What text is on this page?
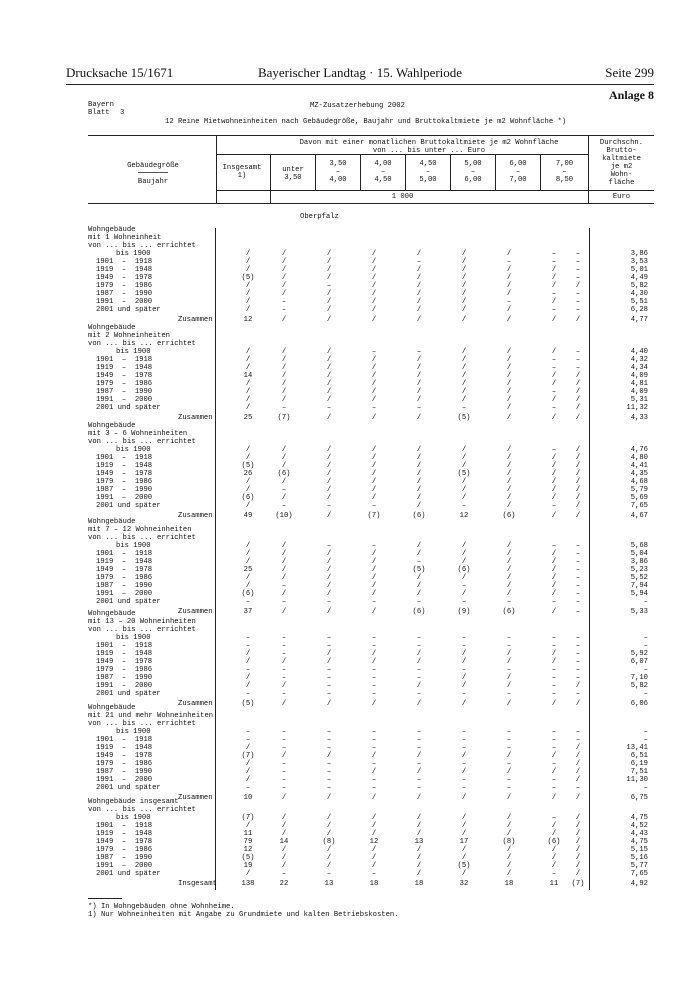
Drucksache 15/1671	Bayerischer Landtag · 15. Wahlperiode	Seite 299
Anlage 8
Bayern
Blatt 3
MZ-Zusatzerhebung 2002
12 Reine Mietwohneinheiten nach Gebäudegröße, Baujahr und Bruttokaltmiete je m2 Wohnfläche *)

Gebäudegröße

Baujahr

Insgesamt
1)

Davon mit einer monatlichen Bruttokaltmiete je m2 Wohnfläche
von ... bis unter ... Euro

unter
3,50

3,50
–
4,00

4,00
–
4,50

4,50
–
5,00

5,00
–
6,00

6,00
–
7,00

7,00
–
8,50

Durchschn.
Brutto-
kaltmiete
je m2
Wohn-
fläche

1 000

	Euro

Oberpfalz
Wohngebäude
mit 1 Wohneinheit
von ... bis ... errichtet
bis 1900	/	/	/	/	/	/	/	–	–	3,86
1901  –  1918	/	/	/	/	–	/	–	–	–	3,53
1919  –  1948	/	/	/	/	/	/	/	/	–	5,01
1949  –  1978	(5)	/	/	/	/	/	/	/	–	4,49
1979  –  1986	/	/	–	/	/	/	/	/	/	5,82
1987  –  1990	/	/	/	/	/	/	/	–	–	4,30
1991  –  2000	/	–	/	/	/	/	–	/	–	5,51
2001 und später	/	–	/	/	/	/	/	–	–	6,28
Zusammen	12	/	/	/	/	/	/	/	/	4,77
Wohngebäude
mit 2 Wohneinheiten
von ... bis ... errichtet
bis 1900	/	/	/	–	–	/	/	/	–	4,40
1901  –  1918	/	/	/	/	/	/	/	–	–	4,32
1919  –  1948	/	/	/	/	/	/	/	–	–	4,34
1949  –  1978	14	/	/	/	/	/	/	/	/	4,09
1979  –  1986	/	/	/	/	/	/	/	/	/	4,81
1987  –  1990	/	/	/	/	/	/	/	–	/	4,09
1991  –  2000	/	/	/	/	/	/	/	/	/	5,31
2001 und später	/	–	–	–	–	–	/	–	/	11,32
Zusammen	25	(7)	/	/	/	(5)	/	/	/	4,33
Wohngebäude
mit 3 – 6 Wohneinheiten
von ... bis ... errichtet
bis 1900	/	/	/	/	/	/	/	–	/	4,76
1901  –  1918	/	/	/	/	/	/	/	/	/	4,80
1919  –  1948	(5)	/	/	/	/	/	/	/	/	4,41
1949  –  1978	26	(6)	/	/	/	(5)	/	/	/	4,35
1979  –  1986	/	/	/	/	/	/	/	/	/	4,68
1987  –  1990	/	–	/	/	/	/	/	/	/	5,79
1991  –  2000	(6)	/	/	/	/	/	/	/	/	5,69
2001 und später	/	–	–	–	/	–	/	–	/	7,65
Zusammen	49	(10)	/	(7)	(6)	12	(6)	/	/	4,67
Wohngebäude
mit 7 – 12 Wohneinheiten
von ... bis ... errichtet
bis 1900	/	/	–	–	/	/	/	–	–	5,68
1901  –  1918	/	/	/	/	/	/	/	/	–	5,04
1919  –  1948	/	/	/	/	–	/	/	/	–	3,86
1949  –  1978	25	/	/	/	(5)	(6)	/	/	–	5,23
1979  –  1986	/	/	/	/	/	/	/	/	–	5,52
1987  –  1990	/	–	/	/	/	–	/	/	–	7,94
1991  –  2000	(6)	/	/	/	/	/	/	/	–	5,94
2001 und später	–	–	–	–	–	–	–	–	–	–
Zusammen	37	/	/	/	(6)	(9)	(6)	/	–	5,33
Wohngebäude
mit 13 – 20 Wohneinheiten
von ... bis ... errichtet
bis 1900	–	–	–	–	–	–	–	–	–	–
1901  –  1918	–	–	–	–	–	–	–	–	–	–
1919  –  1948	/	–	/	/	/	/	/	/	–	5,92
1949  –  1978	/	/	/	/	/	/	/	/	–	6,07
1979  –  1986	–	–	–	–	–	–	–	–	–	–
1987  –  1990	/	–	–	–	–	/	/	–	–	7,10
1991  –  2000	/	/	–	–	/	/	/	–	/	5,82
2001 und später	–	–	–	–	–	–	–	–	–	–
Zusammen	(5)	/	/	/	/	/	/	/	/	6,06
Wohngebäude
mit 21 und mehr Wohneinheiten
von ... bis ... errichtet
bis 1900	–	–	–	–	–	–	–	–	–	–
1901  –  1918	–	–	–	–	–	–	–	–	–	–
1919  –  1948	/	–	–	–	–	–	–	–	/	13,41
1949  –  1978	(7)	/	/	/	/	/	/	/	/	6,51
1979  –  1986	/	–	–	–	–	–	–	–	/	6,19
1987  –  1990	/	–	–	/	/	/	/	/	/	7,51
1991  –  2000	/	–	–	–	–	–	–	–	/	11,30
2001 und später	–	–	–	–	–	–	–	–	–	–
Zusammen	10	/	/	/	/	/	/	/	/	6,75
Wohngebäude insgesamt
von ... bis ... errichtet
bis 1900	(7)	/	/	/	/	/	/	–	/	4,75
1901  –  1918	/	/	/	/	/	/	/	/	/	4,52
1919  –  1948	11	/	/	/	/	/	/	/	/	4,43
1949  –  1978	79	14	(8)	12	13	17	(8)	(6)	/	4,75
1979  –  1986	12	/	/	/	/	/	/	/	/	5,15
1987  –  1990	(5)	/	/	/	/	/	/	/	/	5,16
1991  –  2000	19	/	/	/	/	(5)	/	/	/	5,77
2001 und später	/	–	–	–	/	/	/	–	/	7,65
Insgesamt	138	22	13	18	18	32	18	11	(7)	4,92
*) In Wohngebäuden ohne Wohnheime.
1) Nur Wohneinheiten mit Angabe zu Grundmiete und kalten Betriebskosten.
